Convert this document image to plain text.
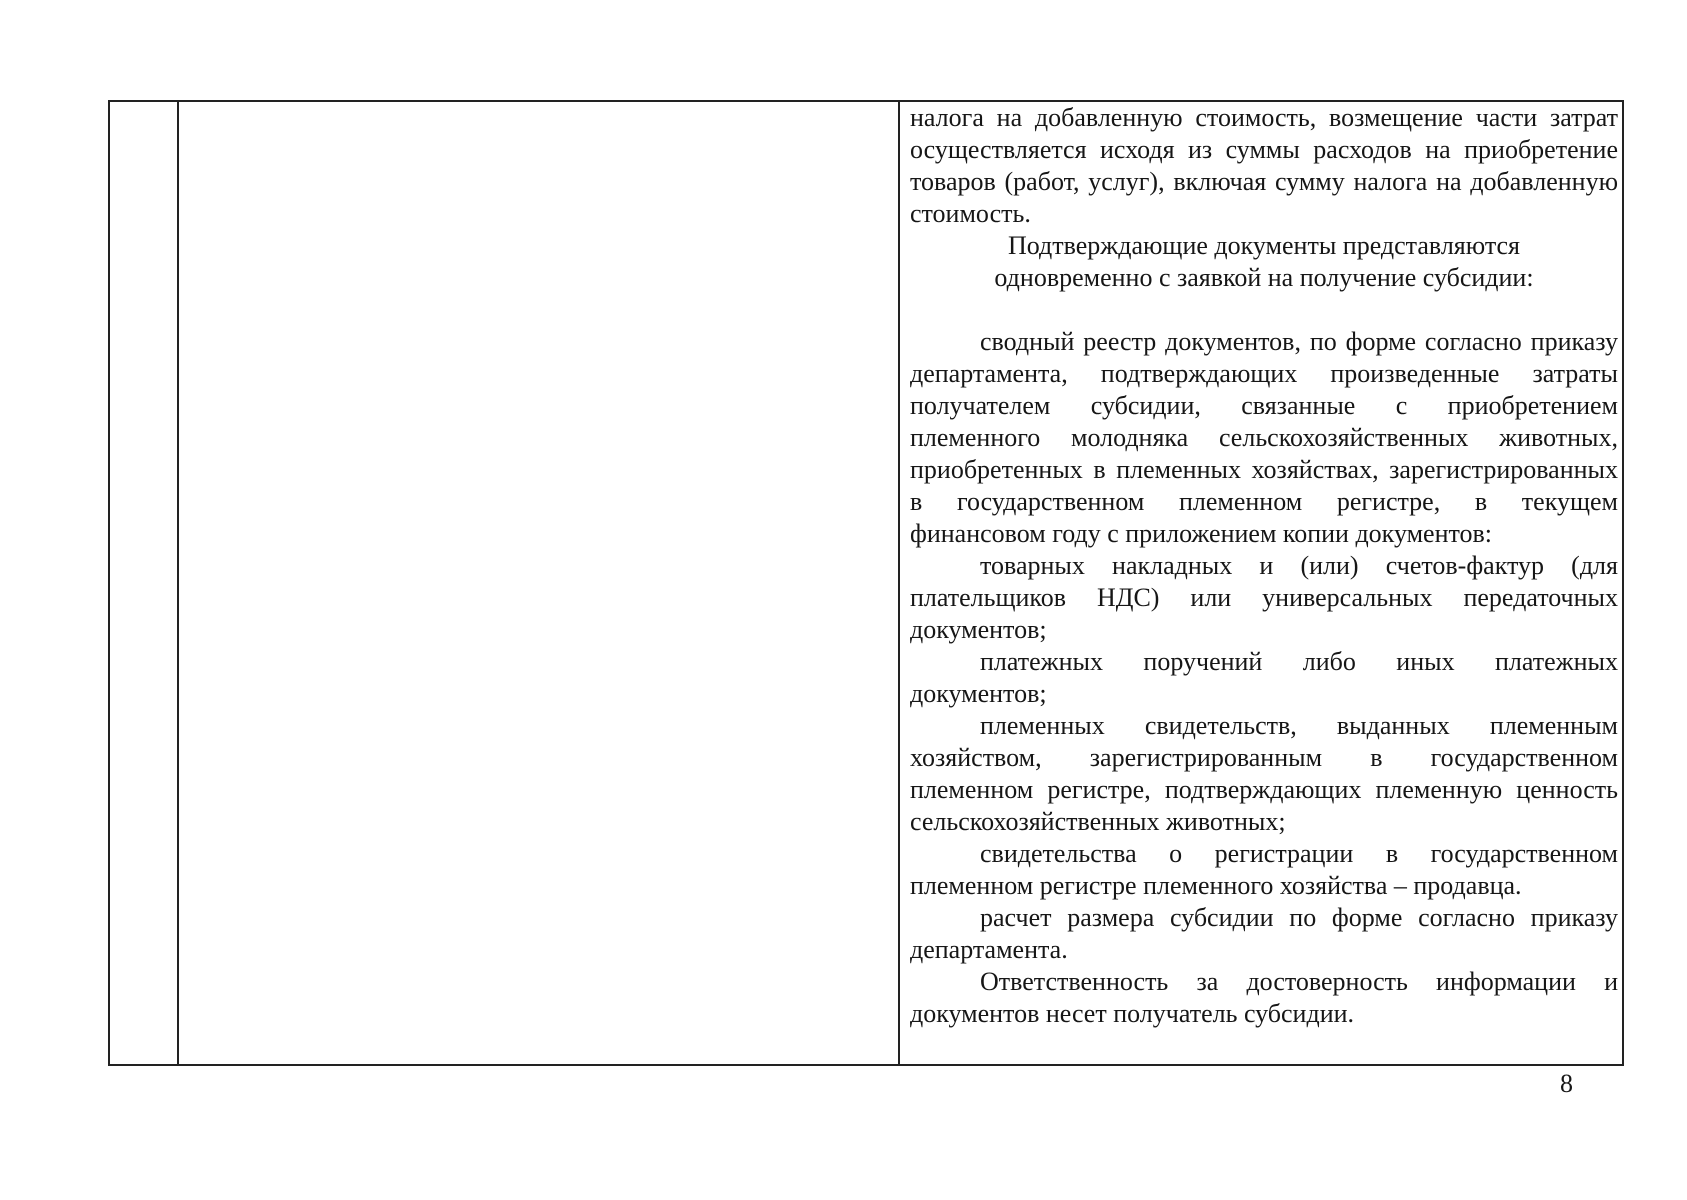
налога на добавленную стоимость, возмещение части затрат осуществляется исходя из суммы расходов на приобретение товаров (работ, услуг), включая сумму налога на добавленную стоимость.

Подтверждающие документы представляются

одновременно с заявкой на получение субсидии:

сводный реестр документов, по форме согласно приказу департамента, подтверждающих произведенные затраты получателем субсидии, связанные с приобретением племенного молодняка сельскохозяйственных животных, приобретенных в племенных хозяйствах, зарегистрированных в государственном племенном регистре, в текущем финансовом году с приложением копии документов:

товарных накладных и (или) счетов-фактур (для плательщиков НДС) или универсальных передаточных документов;

платежных поручений либо иных платежных документов;

племенных свидетельств, выданных племенным хозяйством, зарегистрированным в государственном племенном регистре, подтверждающих племенную ценность сельскохозяйственных животных;

свидетельства о регистрации в государственном племенном регистре племенного хозяйства – продавца.

расчет размера субсидии по форме согласно приказу департамента.

Ответственность за достоверность информации и документов несет получатель субсидии.

8
